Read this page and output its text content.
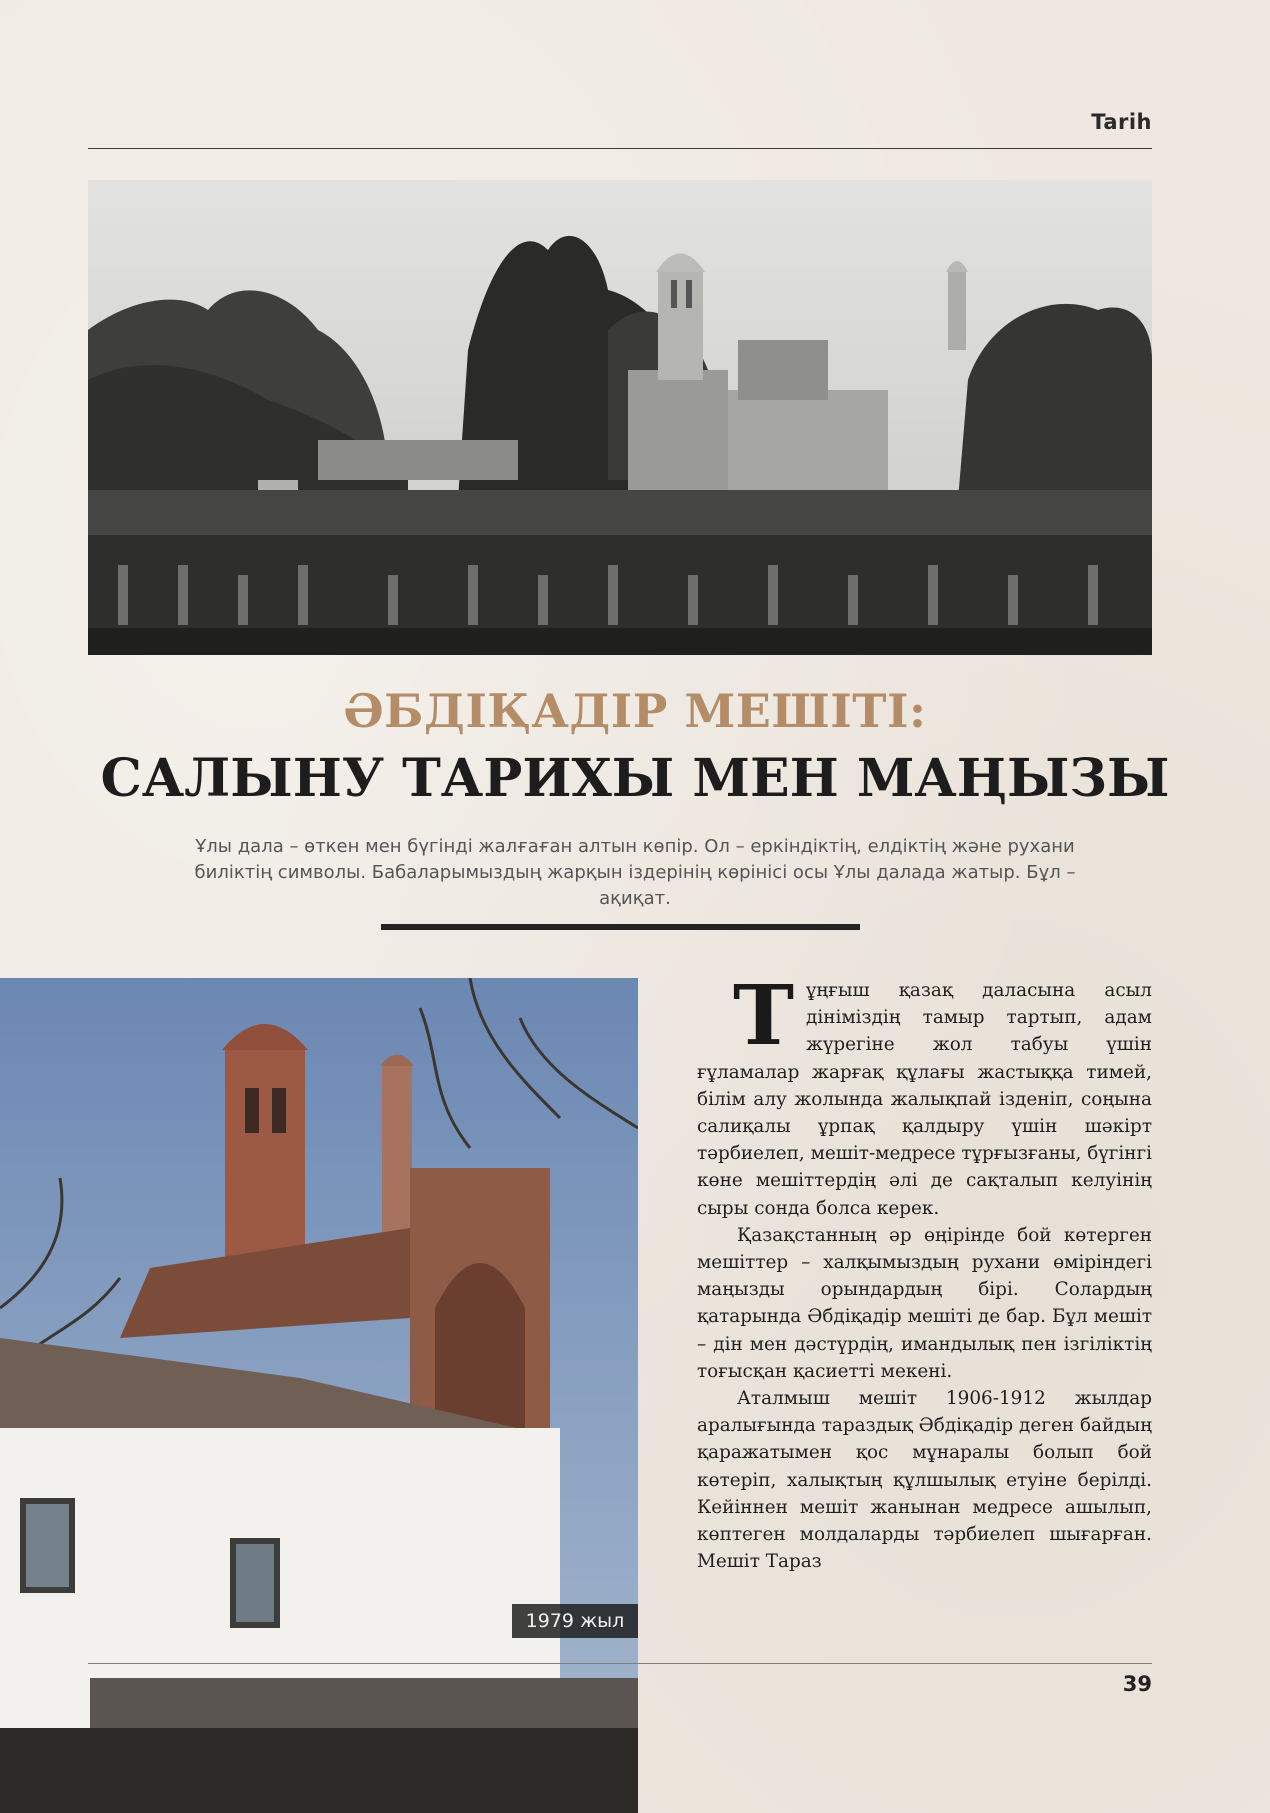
Tarih
ӘБДІҚАДІР МЕШІТІ:
САЛЫНУ ТАРИХЫ МЕН МАҢЫЗЫ
Ұлы дала – өткен мен бүгінді жалғаған алтын көпір. Ол – еркіндіктің, елдіктің және рухани биліктің символы. Бабаларымыздың жарқын іздерінің көрінісі осы Ұлы далада жатыр. Бұл – ақиқат.
1979 жыл

Тұңғыш қазақ даласына асыл дініміздің тамыр тартып, адам жүрегіне жол табуы үшін ғұламалар жарғақ құлағы жастыққа тимей, білім алу жолында жалықпай ізденіп, соңына салиқалы ұрпақ қалдыру үшін шәкірт тәрбиелеп, мешіт-медресе тұрғызғаны, бүгінгі көне мешіттердің әлі де сақталып келуінің сыры сонда болса керек.

Қазақстанның әр өңірінде бой көтерген мешіттер – халқымыздың рухани өміріндегі маңызды орындардың бірі. Солардың қатарында Әбдіқадір мешіті де бар. Бұл мешіт – дін мен дәстүрдің, имандылық пен ізгіліктің тоғысқан қасиетті мекені.

Аталмыш мешіт 1906-1912 жылдар аралығында тараздық Әбдіқадір деген байдың қаражатымен қос мұнаралы болып бой көтеріп, халықтың құлшылық етуіне берілді. Кейіннен мешіт жанынан медресе ашылып, көптеген молдаларды тәрбиелеп шығарған. Мешіт Тараз

39
